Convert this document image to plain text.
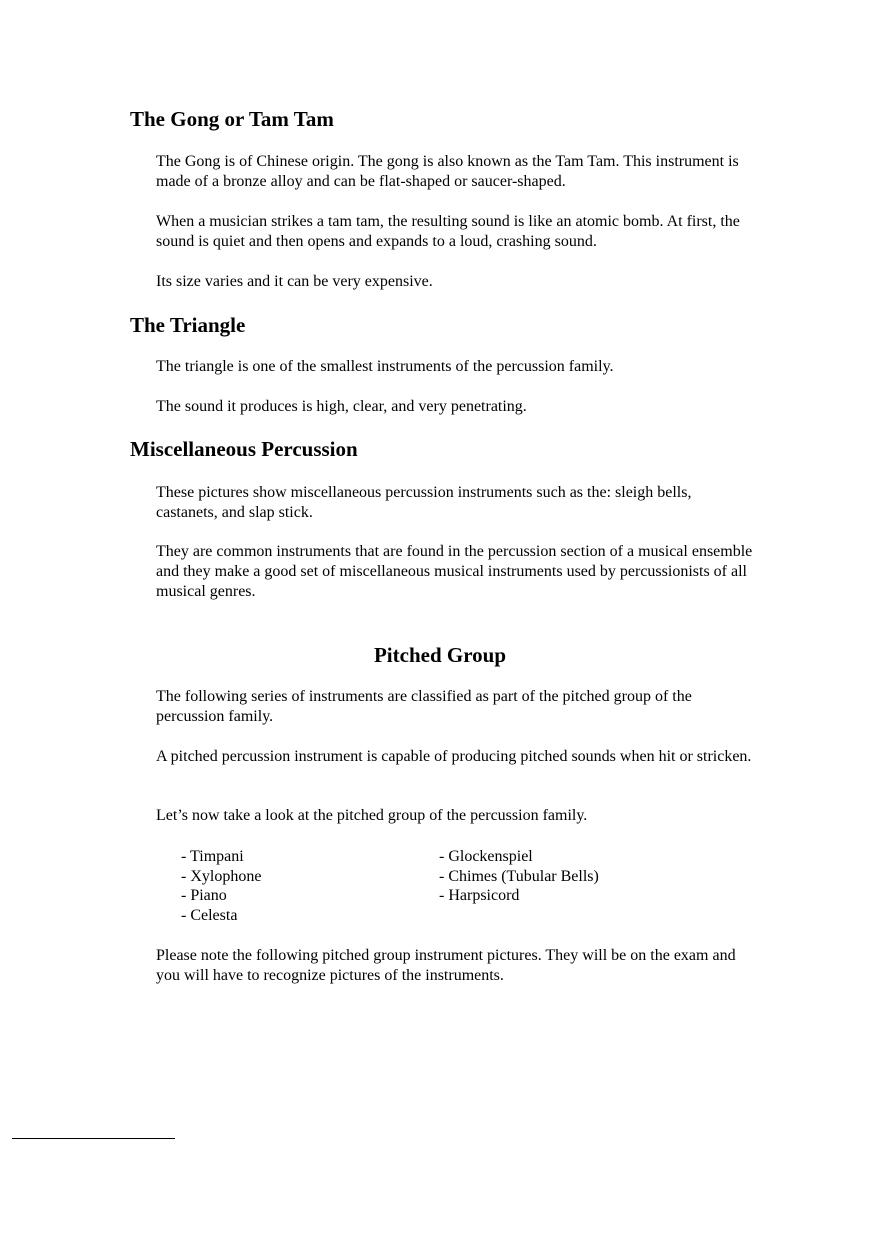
The Gong or Tam Tam

The Gong is of Chinese origin. The gong is also known as the Tam Tam. This instrument is made of a bronze alloy and can be flat-shaped or saucer-shaped.

When a musician strikes a tam tam, the resulting sound is like an atomic bomb. At first, the sound is quiet and then opens and expands to a loud, crashing sound.

Its size varies and it can be very expensive.

The Triangle

The triangle is one of the smallest instruments of the percussion family.

The sound it produces is high, clear, and very penetrating.

Miscellaneous Percussion

These pictures show miscellaneous percussion instruments such as the: sleigh bells, castanets, and slap stick.

They are common instruments that are found in the percussion section of a musical ensemble and they make a good set of miscellaneous musical instruments used by percussionists of all musical genres.

Pitched Group

The following series of instruments are classified as part of the pitched group of the percussion family.

A pitched percussion instrument is capable of producing pitched sounds when hit or stricken.

Let’s now take a look at the pitched group of the percussion family.

- Timpani
- Xylophone
- Piano
- Celesta
- Glockenspiel
- Chimes (Tubular Bells)
- Harpsicord

Please note the following pitched group instrument pictures. They will be on the exam and you will have to recognize pictures of the instruments.
